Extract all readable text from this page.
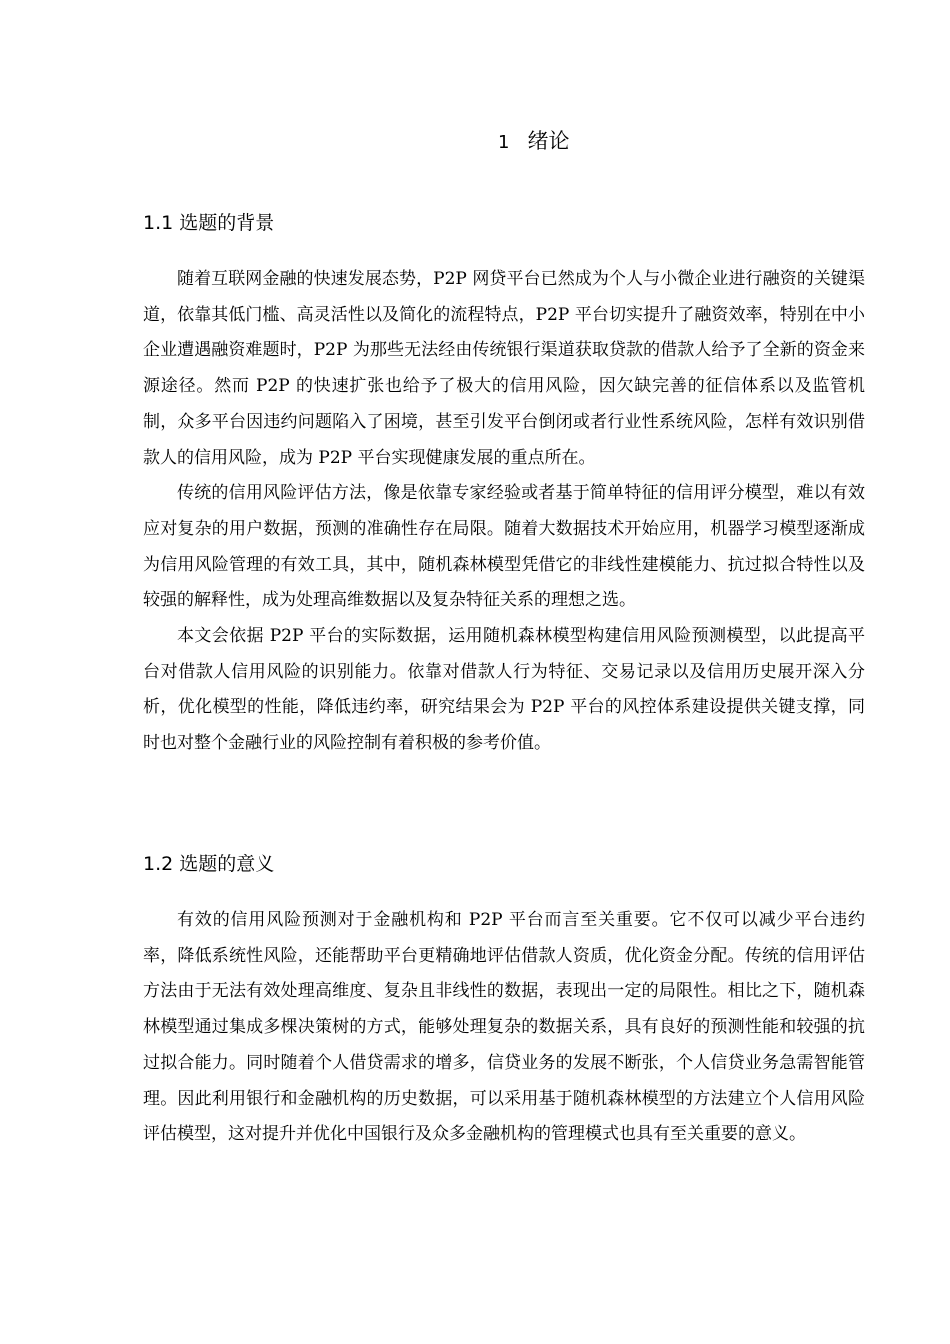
1 绪论
1.1 选题的背景

随着互联网金融的快速发展态势，P2P 网贷平台已然成为个人与小微企业进行融资的关键渠道，依靠其低门槛、高灵活性以及简化的流程特点，P2P 平台切实提升了融资效率，特别在中小企业遭遇融资难题时，P2P 为那些无法经由传统银行渠道获取贷款的借款人给予了全新的资金来源途径。然而 P2P 的快速扩张也给予了极大的信用风险，因欠缺完善的征信体系以及监管机制，众多平台因违约问题陷入了困境，甚至引发平台倒闭或者行业性系统风险，怎样有效识别借款人的信用风险，成为 P2P 平台实现健康发展的重点所在。

传统的信用风险评估方法，像是依靠专家经验或者基于简单特征的信用评分模型，难以有效应对复杂的用户数据，预测的准确性存在局限。随着大数据技术开始应用，机器学习模型逐渐成为信用风险管理的有效工具，其中，随机森林模型凭借它的非线性建模能力、抗过拟合特性以及较强的解释性，成为处理高维数据以及复杂特征关系的理想之选。

本文会依据 P2P 平台的实际数据，运用随机森林模型构建信用风险预测模型，以此提高平台对借款人信用风险的识别能力。依靠对借款人行为特征、交易记录以及信用历史展开深入分析，优化模型的性能，降低违约率，研究结果会为 P2P 平台的风控体系建设提供关键支撑，同时也对整个金融行业的风险控制有着积极的参考价值。

1.2 选题的意义

有效的信用风险预测对于金融机构和 P2P 平台而言至关重要。它不仅可以减少平台违约率，降低系统性风险，还能帮助平台更精确地评估借款人资质，优化资金分配。传统的信用评估方法由于无法有效处理高维度、复杂且非线性的数据，表现出一定的局限性。相比之下，随机森林模型通过集成多棵决策树的方式，能够处理复杂的数据关系，具有良好的预测性能和较强的抗过拟合能力。同时随着个人借贷需求的增多，信贷业务的发展不断张，个人信贷业务急需智能管理。因此利用银行和金融机构的历史数据，可以采用基于随机森林模型的方法建立个人信用风险评估模型，这对提升并优化中国银行及众多金融机构的管理模式也具有至关重要的意义。
